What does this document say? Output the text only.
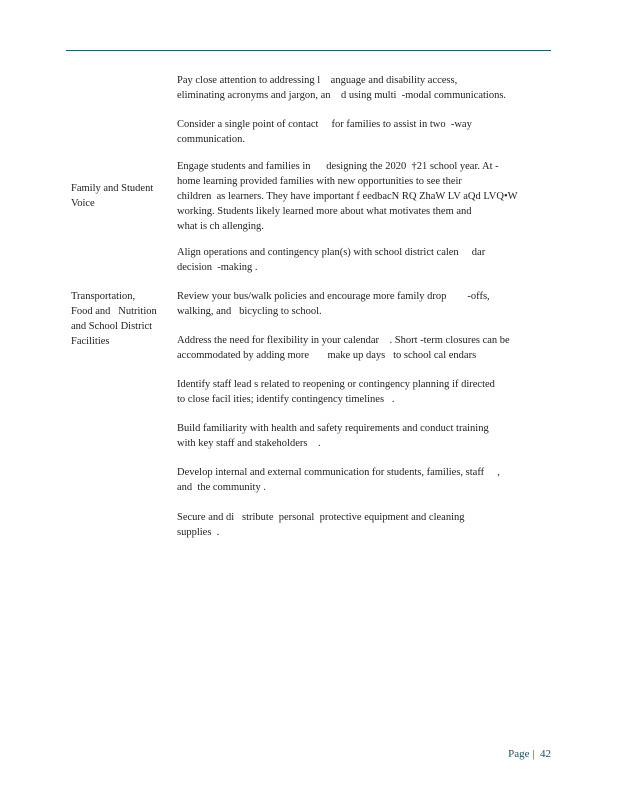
Family and Student
Voice
Pay close attention to addressing l    anguage and disability access,
eliminating acronyms and jargon, an    d using multi  -modal communications.
Consider a single point of contact     for families to assist in two  -way
communication.
Engage students and families in      designing the 2020  †21 school year. At -
home learning provided families with new opportunities to see their
children  as learners. They have important f eedbacN RQ ZhaW LV aQd LVQ•W
working. Students likely learned more about what motivates them and
what is ch allenging.
Align operations and contingency plan(s) with school district calen     dar
decision  -making .
Transportation,
Food and   Nutrition
and School District
Facilities
Review your bus/walk policies and encourage more family drop        -offs,
walking, and   bicycling to school.
Address the need for flexibility in your calendar    . Short -term closures can be
accommodated by adding more       make up days   to school cal endars
Identify staff lead s related to reopening or contingency planning if directed
to close facil ities; identify contingency timelines   .
Build familiarity with health and safety requirements and conduct training
with key staff and stakeholders    .
Develop internal and external communication for students, families, staff     ,
and  the community .
Secure and di   stribute  personal  protective equipment and cleaning
supplies  .
Page | 42
